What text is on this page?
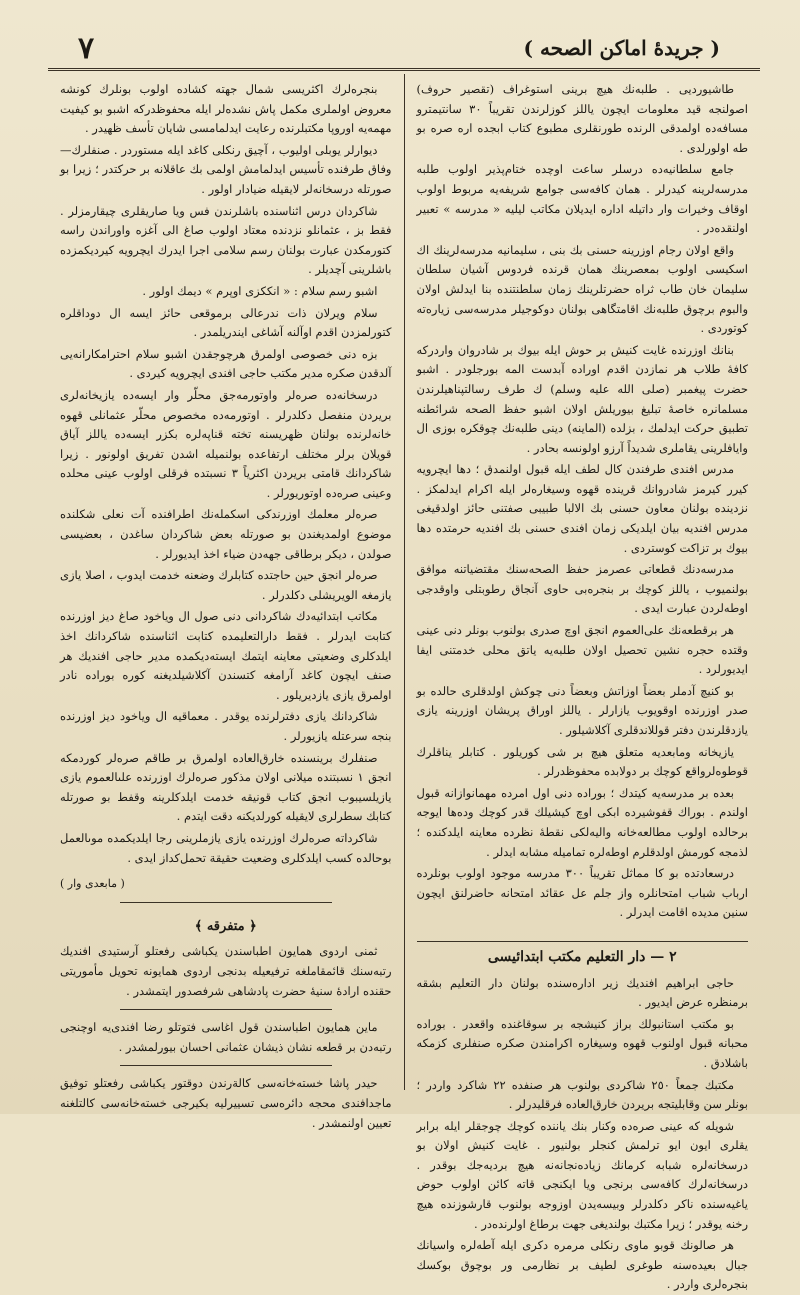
٧	( جريدهٔ اماكن الصحه )

طاشيورديى . طلبه‌نك هيچ برينى استوغراف (تقصير حروف) اصولنجه قيد معلومات ايچون ياللز كوزلرندن تقريباً ٣٠ سانتيمترو مسافه‌ده اولمدقى الرنده طورنقلرى مطبوع كتاب ابجده اره صره بو طه اولورلدى .

جامع سلطانيه‌ده درسلر ساعت اوچده ختام‌پذير اولوب طلبه مدرسه‌لرينه كيدرلر . همان كافه‌سى جوامع شريفه‌يه مربوط اولوب اوقاف وخيرات وار داتيله اداره ايديلان مكاتب ليليه ‌« مدرسه » تعبير اولنقده‌در .

واقع اولان رجام اوزرينه حسنى بك بنى ، سليمانيه مدرسه‌لرينك اك اسكيسى اولوب بمعصرينك همان قرنده فردوس آشيان سلطان سليمان خان طاب ثراه حضرتلرينك زمان سلطنتنده بنا ايدلش اولان والبوم برچوق طلبه‌نك اقامتگاهى بولنان دوكوجيلر مدرسه‌سى زياره‌ته كوتوردى .

بنانك اوزرنده غايت كنيش بر حوش ايله بيوك بر شادروان واردركه كافهٔ طلاب هر نمازدن اقدم اوراده آبدست المه بورجلودر . اشبو حضرت پيغمبر (صلى الله عليه وسلم) ك طرف رسالتپناهيلرندن مسلمانره خاصهٔ تبليغ بيوريلش اولان اشبو حفظ الصحه شرائطنه تطبيق حركت ايدلمك ، بزلده (الماينه) دينى طلبه‌نك چوقكره بوزى ال وايافلرينى يقاملرى شديداً آرزو اولونسه بحادر .

مدرس افندى طرفندن كال لطف ايله قبول اولنمدق ؛ دها ايچرويه كيرر كيرمز شادروانك قرينده قهوه وسيغاره‌لر ايله اكرام ايدلمكز . نزدينده بولنان معاون حسنى بك الالبا طبيبى صفتنى حائز اولدقيغى مدرس افنديه بيان ايلديكى زمان افندى حسنى بك افنديه حرمتده دها بيوك بر تزاكت كوستردى .

مدرسه‌دنك قطعاتى عصرمز حفظ الصحه‌سنك مقتضياتنه موافق بولنميوب ، ياللز كوچك بر بنجره‌بى حاوى آنجاق رطوبتلى واوقدجى اوطه‌لردن عبارت ايدى .

هر برقطعه‌نك على‌العموم انجق اوچ صدرى بولنوب بونلر دنى عينى وقتده حجره نشين تحصيل اولان طلبه‌يه ياتق محلى خدمتنى ايفا ايديورلرد .

بو كنيچ آدملر بعضاً اوزاتش وبعضاً دنى چوكش اولدقلرى حالده بو صدر اوزرنده اوقويوب يازارلر . ياللز اوراق پريشان اوزرينه يازى يازدقلرندن دفتر قوللاندقلرى آكلاشيلور .

يازيخانه ومابعديه متعلق هيچ بر شى كوريلور . كتابلر يناقلرك قوطوه‌لرواقع كوچك بر دولابده محفوظدرلر .

بعده بر مدرسه‌يه كيتدك ؛ بوراده دنى اول امرده مهمانوازانه قبول اولندم . بوراك قفوشيرده ابكى اوچ كيشيلك قدر كوچك وده‌ها ايوجه برحالده اولوب مطالعه‌خانه واليه‌لكى نقطهٔ نظرده معاينه ايلدكنده ؛ لذمجه كورمش اولدقلرم اوطه‌لره تماميله مشابه ايدلر .

درسعادتده بو كا مماثل تقريباً ٣٠٠ مدرسه موجود اولوب بونلرده ارباب شباب امتحانلره واز جلم عل عقائد امتحانه حاضرلنق ايچون سنين مديده اقامت ايدرلر .

٢ — دار التعليم مكتب ابتدائيسى

حاجى ابراهيم افنديك زير اداره‌سنده بولنان دار التعليم بشقه برمنظره عرض ايديور .

بو مكتب استانبولك براز كنيشجه بر سوقاغنده واقعدر . بوراده محبانه قبول اولنوب قهوه وسيغاره اكرامندن صكره صنفلرى كزمكه باشلادق .

مكتبك جمعاً ٢٥٠ شاكردى بولنوب هر صنفده ٢٢ شاكرد واردر ؛ بونلر سن وقابليتجه بريردن خارق‌العاده فرقليدرلر .

شويله كه عينى صره‌ده وكنار بنك ياننده كوچك چوجقلر ايله برابر يقلرى ايون ايو ترلمش كنجلر بولنيور . غايت كنيش اولان بو درسخانه‌لره شبابه كرمانك زياده‌نجانه‌نه هيچ برديه‌جك بوقدر . درسخانه‌لرك كافه‌سى برنجى ويا ايكنجى قاته كائن اولوب حوض ياغيه‌سنده ناكر دكلدرلر وبيسه‌يدن اوزوجه بولنوب قارشوزنده هيچ رخنه يوقدر ؛ زيرا مكتبك بولنديغى جهت برطاغ اولرنده‌در .

هر صالونك قوبو ماوى رنكلى مرمره دكرى ايله آطه‌لره واسيانك جبال بعيده‌سنه طوغرى لطيف بر نظارمى ور بوچوق بوكسك بنجره‌لرى واردر .

بنجره‌لرك اكثريسى شمال جهته كشاده اولوب بونلرك كونشه معروض اولملرى مكمل پاش نشده‌لر ايله محفوظدركه اشبو بو كيفيت مهمه‌يه اوروپا مكتبلرنده رعايت ايدلمامسى شايان تأسف ظهيدر .

ديوارلر يوبلى اوليوب ، آچيق رنكلى كاغد ايله مستوردر . صنفلرك—وفاق طرفنده تأسيس ايدلمامش اولمى بك عاقلانه بر حركتدر ؛ زيرا بو صورتله درسخانه‌لر لايقيله ضيادار اولور .

شاكردان درس اثناسنده باشلرندن فس ويا صاريقلرى چيقارمزلر . فقط بز ، عثمانلو نزدنده معتاد اولوب صاغ الى آغزه واوراندن راسه كتورمكدن عبارت بولنان رسم سلامى اجرا ايدرك ايچرويه كيرديكمزده باشلرينى آچديلر .

اشبو رسم سلام : ‌« انككزى اوپرم » ديمك اولور .

سلام ويرلان ذات ندرعالى برموقعى حائز ايسه ال دوداقلره كتورلمزدن اقدم اوآلنه آشاغى ايندريلمدر .

بزه دنى خصوصى اولمرق هرچوجقدن اشبو سلام احترامكارانه‌يى آلدقدن صكره مدير مكتب حاجى افندى ايچرويه كيردى .

درسخانه‌ده صرەلر واوتورمه‌جق محلّر وار ايسه‌ده يازيخانه‌لرى بريردن منفصل دكلدرلر . اوتورمه‌ده مخصوص محلّر عثمانلى قهوه خانه‌لرنده بولنان ظهريسنه تخته قناپه‌لره بكزر ايسه‌ده ياللز آياق قويلان برلر مختلف ارتفاعده بولنميله اشدن تفريق اولونور . زيرا شاكردانك قامتى بريردن اكثرياً ٣ نسبتده فرقلى اولوب عينى محلده وعينى صره‌ده اوتوريورلر .

صرەلر معلمك اوزرندكى اسكمله‌نك اطرافنده آت نعلى شكلنده موضوع اولمديغندن بو صورتله بعض شاكردان ساغدن ، بعضيسى صولدن ، ديكر برطاقى جهه‌دن ضياء اخذ ايديورلر .

صرەلر انجق حين حاجتده كتابلرك وضعنه خدمت ايدوب ، اصلا يازى يازمغه الويريشلى دكلدرلر .

مكاتب ابتدائيه‌دك شاكردانى دنى صول ال وياخود صاغ ديز اوزرنده كتابت ايدرلر . فقط دارالتعليمده كتابت اثناسنده شاكردانك اخذ ايلدكلرى وضعيتى معاينه ايتمك ايسته‌ديكمده مدير حاجى افنديك هر صنف ايچون كاغد آرامغه كتسندن آكلاشيلديغنه كوره بوراده نادر اولمرق يازى يازديريلور .

شاكردانك يازى دفترلرنده يوقدر . معماقيه ال وياخود ديز اوزرنده بنجه‌ سرعتله يازيورلر .

صنفلرك برينسنده خارق‌العاده اولمرق بر طاقم صرەلر كوردمكه انجق ١ نسبتنده ميلانى اولان مذكور صرەلرك اوزرنده علىالعموم يازى يازيلسيبوب انجق كتاب قونيقه خدمت ايلدكلرينه وقفط بو صورتله كتابك سطرلرى لايقيله كورلديكنه دقت ايتدم .

شاكرداته صرەلرك اوزرنده يازى يازملرينى رجا ايلديكمده موىالعمل بوحالده كسب ايلدكلرى وضعيت حقيقة تحمل‌كداز ايدى .

( مابعدى وار )
﴿ متفرقه ﴾

ثمنى اردوى همايون اطباسندن يكباشى رفعتلو آرستيدى افنديك رتبه‌سنك قائمقاملغه ترفيعيله بدنجى اردوى همايونه تحويل مأموريتى حقنده ارادهٔ سنيهٔ حضرت پادشاهى شرفصدور ايتمشدر .

ماين همايون اطباسندن قول اغاسى فتوتلو رضا افندى‌يه اوچنجى رتبه‌دن بر قطعه نشان ذيشان عثمانى احسان بيورلمشدر .

حيدر پاشا خسته‌خانه‌سى كالةرندن دوقتور يكباشى رفعتلو توفيق ماجدافندى محجه دائره‌سى تسييرليه بكيرجى خسته‌خانه‌سى كالتلغنه تعيين اولنمشدر .
